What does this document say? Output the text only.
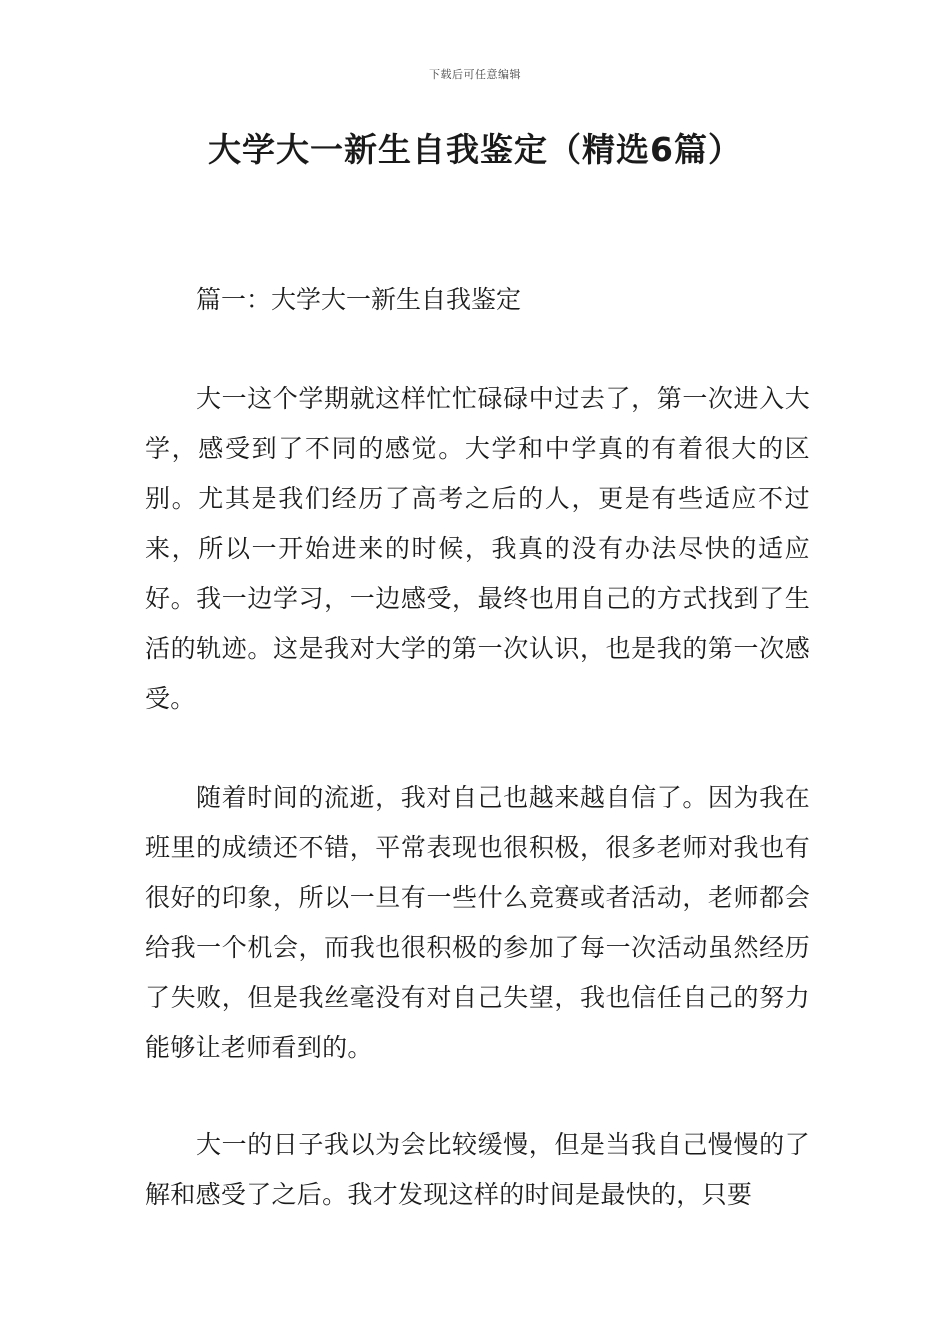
下载后可任意编辑
大学大一新生自我鉴定（精选6篇）
篇一：大学大一新生自我鉴定

大一这个学期就这样忙忙碌碌中过去了，第一次进入大学，感受到了不同的感觉。大学和中学真的有着很大的区别。尤其是我们经历了高考之后的人，更是有些适应不过来，所以一开始进来的时候，我真的没有办法尽快的适应好。我一边学习，一边感受，最终也用自己的方式找到了生活的轨迹。这是我对大学的第一次认识，也是我的第一次感受。

随着时间的流逝，我对自己也越来越自信了。因为我在班里的成绩还不错，平常表现也很积极，很多老师对我也有很好的印象，所以一旦有一些什么竞赛或者活动，老师都会给我一个机会，而我也很积极的参加了每一次活动虽然经历了失败，但是我丝毫没有对自己失望，我也信任自己的努力能够让老师看到的。

大一的日子我以为会比较缓慢，但是当我自己慢慢的了解和感受了之后。我才发现这样的时间是最快的，只要
